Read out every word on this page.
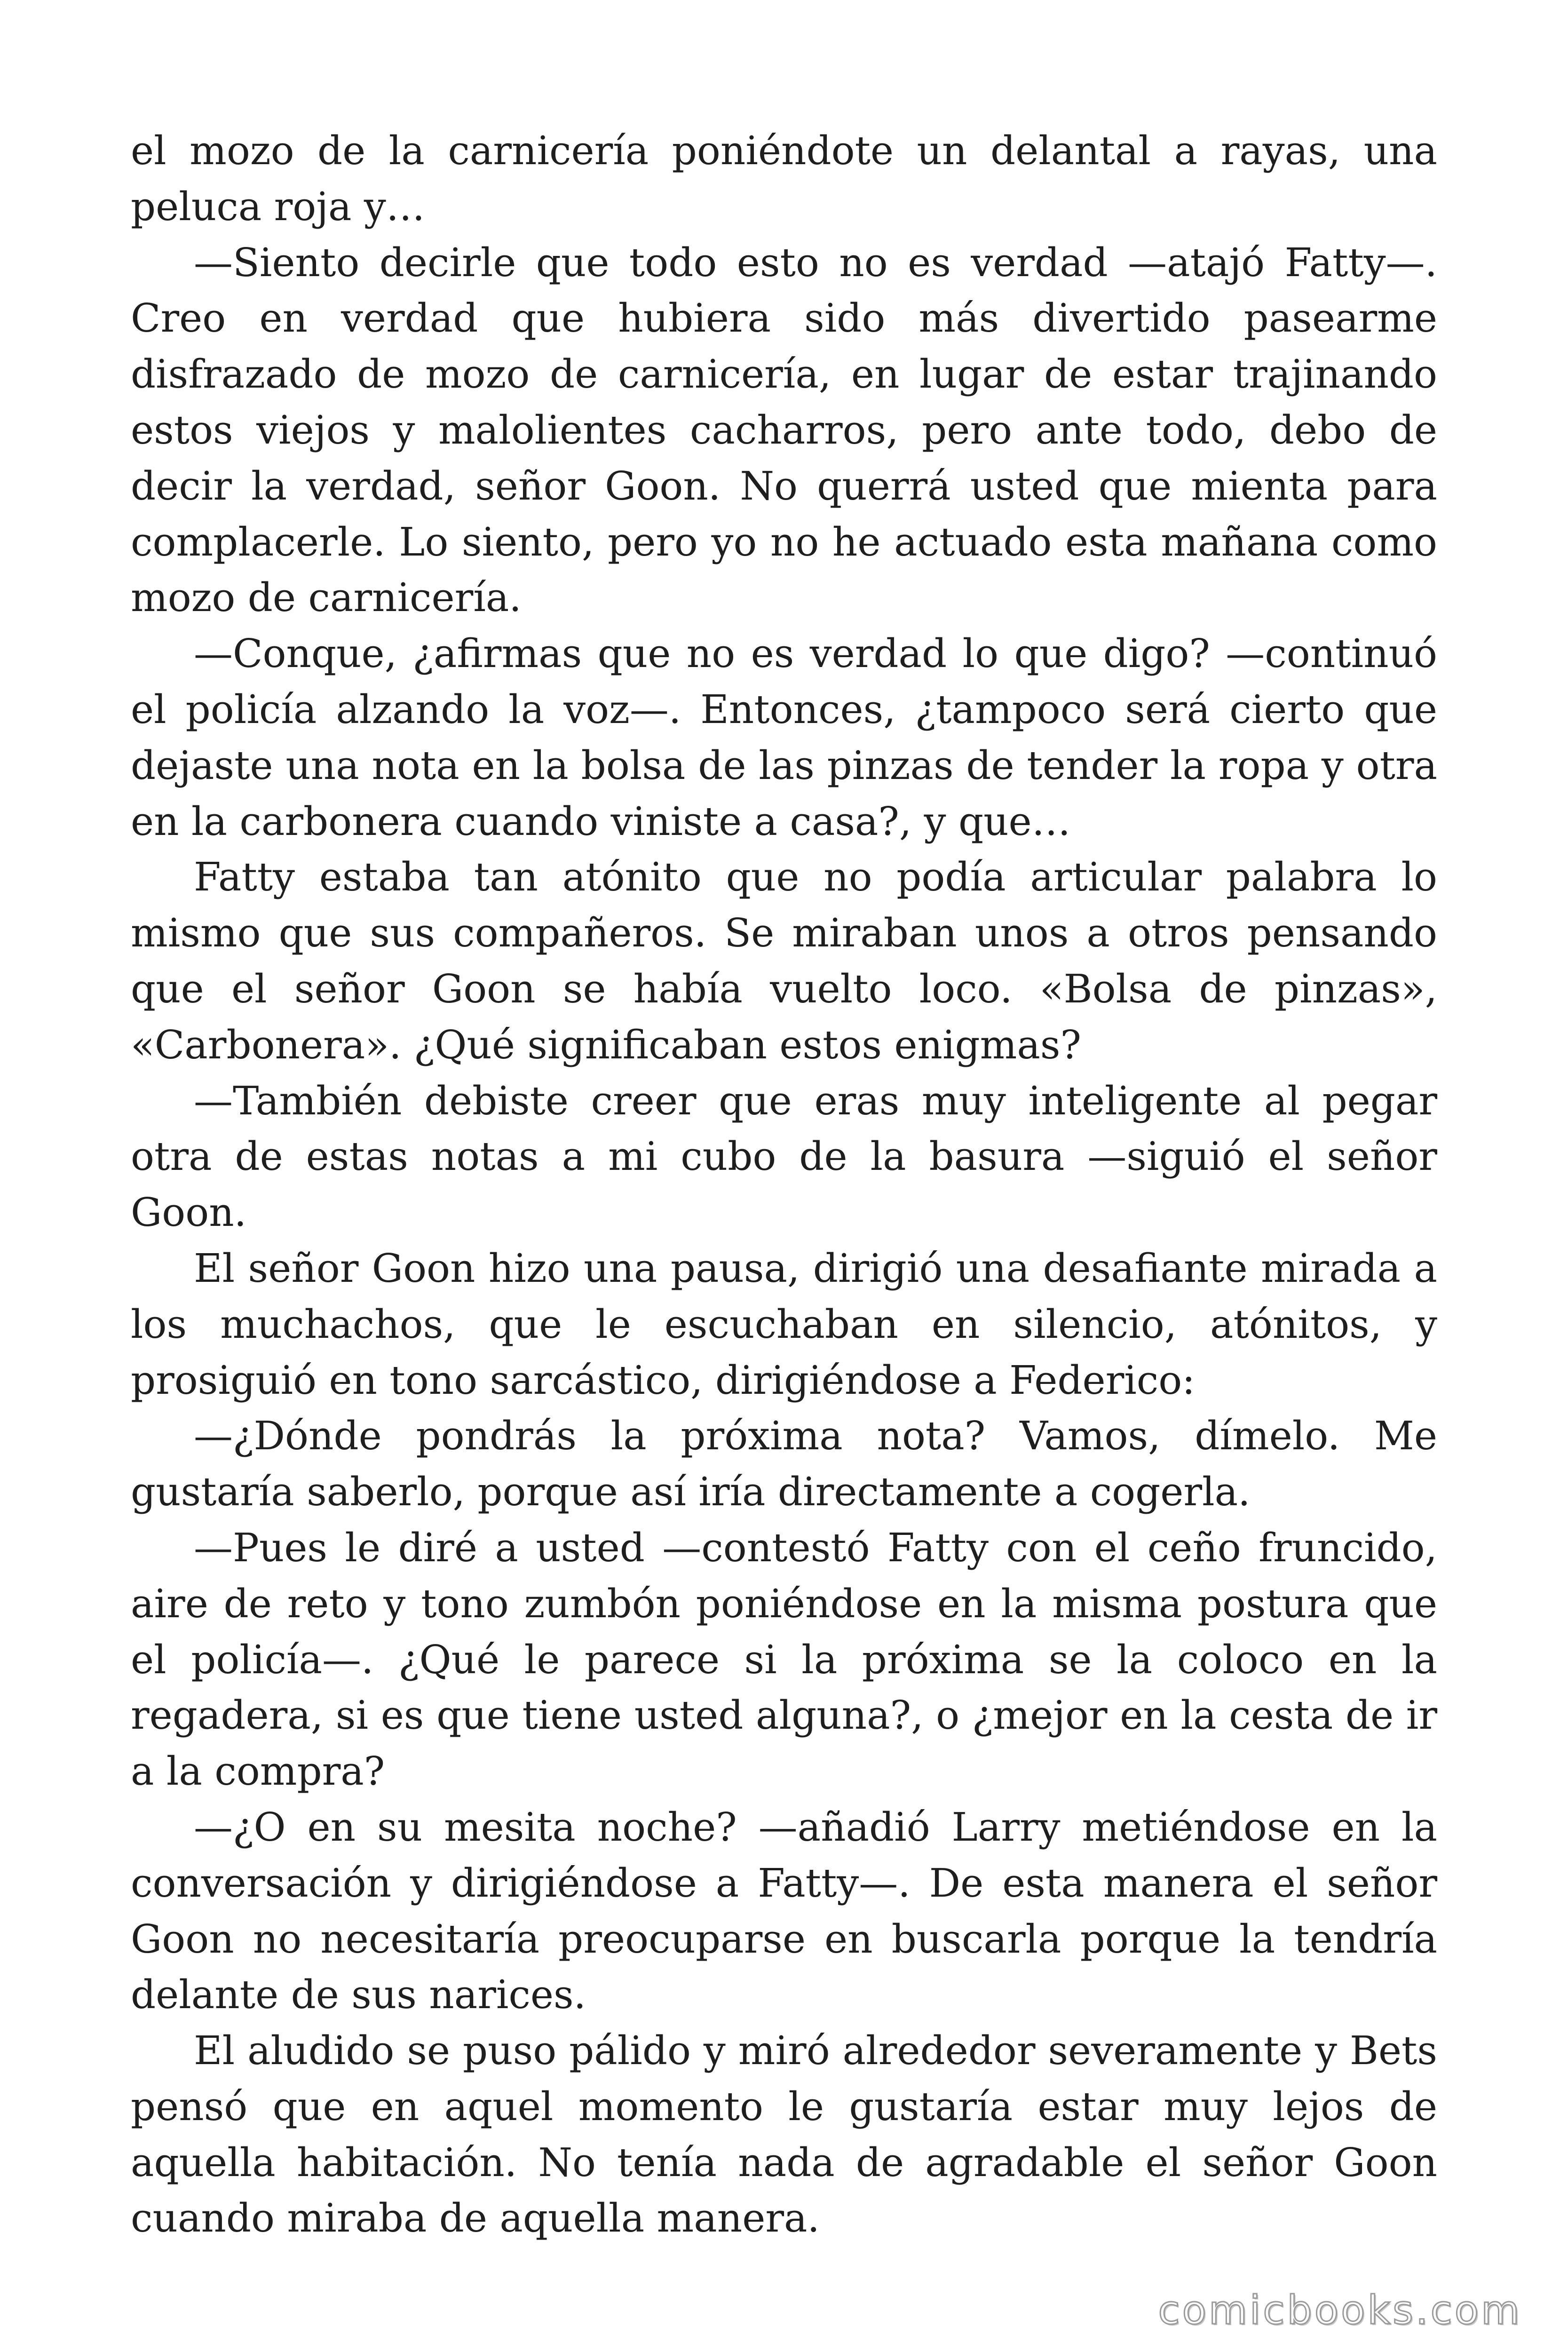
el mozo de la carnicería poniéndote un delantal a rayas, una peluca roja y…

—Siento decirle que todo esto no es verdad —atajó Fatty—. Creo en verdad que hubiera sido más divertido pasearme disfrazado de mozo de carnicería, en lugar de estar trajinando estos viejos y malolientes cacharros, pero ante todo, debo de decir la verdad, señor Goon. No querrá usted que mienta para complacerle. Lo siento, pero yo no he actuado esta mañana como mozo de carnicería.

—Conque, ¿afirmas que no es verdad lo que digo? —continuó el policía alzando la voz—. Entonces, ¿tampoco será cierto que dejaste una nota en la bolsa de las pinzas de tender la ropa y otra en la carbonera cuando viniste a casa?, y que…

Fatty estaba tan atónito que no podía articular palabra lo mismo que sus compañeros. Se miraban unos a otros pensando que el señor Goon se había vuelto loco. «Bolsa de pinzas», «Carbonera». ¿Qué significaban estos enigmas?

—También debiste creer que eras muy inteligente al pegar otra de estas notas a mi cubo de la basura —siguió el señor Goon.

El señor Goon hizo una pausa, dirigió una desafiante mirada a los muchachos, que le escuchaban en silencio, atónitos, y prosiguió en tono sarcástico, dirigiéndose a Federico:

—¿Dónde pondrás la próxima nota? Vamos, dímelo. Me gustaría saberlo, porque así iría directamente a cogerla.

—Pues le diré a usted —contestó Fatty con el ceño fruncido, aire de reto y tono zumbón poniéndose en la misma postura que el policía—. ¿Qué le parece si la próxima se la coloco en la regadera, si es que tiene usted alguna?, o ¿mejor en la cesta de ir a la compra?

—¿O en su mesita noche? —añadió Larry metiéndose en la conversación y dirigiéndose a Fatty—. De esta manera el señor Goon no necesitaría preocuparse en buscarla porque la tendría delante de sus narices.

El aludido se puso pálido y miró alrededor severamente y Bets pensó que en aquel momento le gustaría estar muy lejos de aquella habitación. No tenía nada de agradable el señor Goon cuando miraba de aquella manera.

comicbooks.com
